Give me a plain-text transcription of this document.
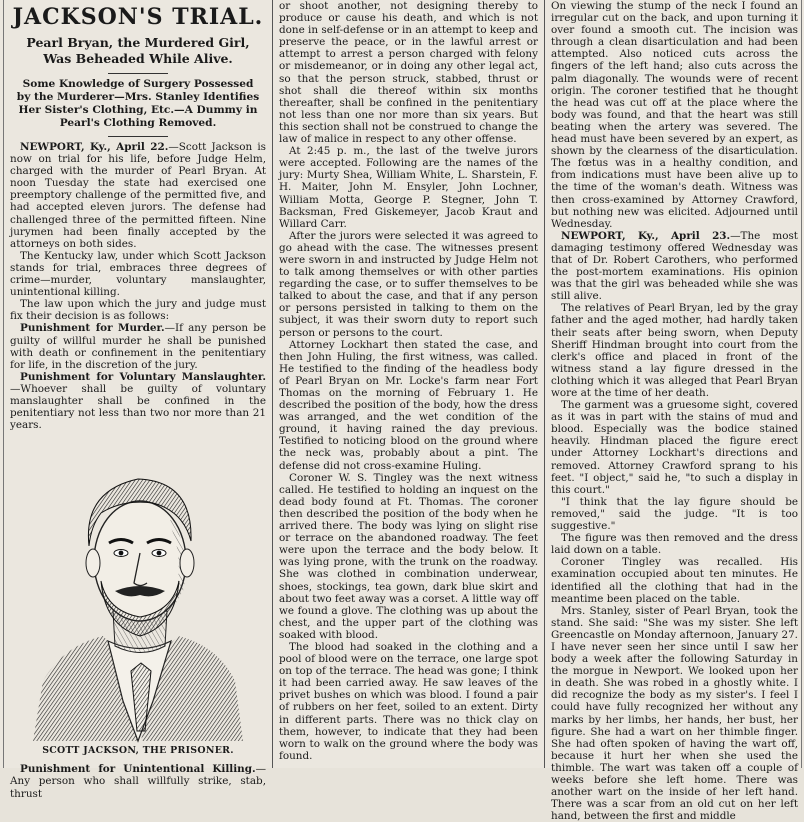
JACKSON'S TRIAL.
Pearl Bryan, the Murdered Girl, Was Beheaded While Alive.
Some Knowledge of Surgery Possessed by the Murderer—Mrs. Stanley Identifies Her Sister's Clothing, Etc.—A Dummy in Pearl's Clothing Removed.

NEWPORT, Ky., April 22.—Scott Jackson is now on trial for his life, before Judge Helm, charged with the murder of Pearl Bryan. At noon Tuesday the state had exercised one preemptory challenge of the permitted five, and had accepted eleven jurors. The defense had challenged three of the permitted fifteen. Nine jurymen had been finally accepted by the attorneys on both sides.

The Kentucky law, under which Scott Jackson stands for trial, embraces three degrees of crime—murder, voluntary manslaughter, unintentional killing.

The law upon which the jury and judge must fix their decision is as follows:

Punishment for Murder.—If any person be guilty of willful murder he shall be punished with death or confinement in the penitentiary for life, in the discretion of the jury.

Punishment for Voluntary Manslaughter.—Whoever shall be guilty of voluntary manslaughter shall be confined in the penitentiary not less than two nor more than 21 years.

SCOTT JACKSON, THE PRISONER.

Punishment for Unintentional Killing.—Any person who shall willfully strike, stab, thrust

or shoot another, not designing thereby to produce or cause his death, and which is not done in self-defense or in an attempt to keep and preserve the peace, or in the lawful arrest or attempt to arrest a person charged with felony or misdemeanor, or in doing any other legal act, so that the person struck, stabbed, thrust or shot shall die thereof within six months thereafter, shall be confined in the penitentiary not less than one nor more than six years. But this section shall not be construed to change the law of malice in respect to any other offense.

At 2:45 p. m., the last of the twelve jurors were accepted. Following are the names of the jury: Murty Shea, William White, L. Sharstein, F. H. Maiter, John M. Ensyler, John Lochner, William Motta, George P. Stegner, John T. Backsman, Fred Giskemeyer, Jacob Kraut and Willard Carr.

After the jurors were selected it was agreed to go ahead with the case. The witnesses present were sworn in and instructed by Judge Helm not to talk among themselves or with other parties regarding the case, or to suffer themselves to be talked to about the case, and that if any person or persons persisted in talking to them on the subject, it was their sworn duty to report such person or persons to the court.

Attorney Lockhart then stated the case, and then John Huling, the first witness, was called. He testified to the finding of the headless body of Pearl Bryan on Mr. Locke's farm near Fort Thomas on the morning of February 1. He described the position of the body, how the dress was arranged, and the wet condition of the ground, it having rained the day previous. Testified to noticing blood on the ground where the neck was, probably about a pint. The defense did not cross-examine Huling.

Coroner W. S. Tingley was the next witness called. He testified to holding an inquest on the dead body found at Ft. Thomas. The coroner then described the position of the body when he arrived there. The body was lying on slight rise or terrace on the abandoned roadway. The feet were upon the terrace and the body below. It was lying prone, with the trunk on the roadway. She was clothed in combination underwear, shoes, stockings, tea gown, dark blue skirt and about two feet away was a corset. A little way off we found a glove. The clothing was up about the chest, and the upper part of the clothing was soaked with blood.

The blood had soaked in the clothing and a pool of blood were on the terrace, one large spot on top of the terrace. The head was gone; I think it had been carried away. He saw leaves of the privet bushes on which was blood. I found a pair of rubbers on her feet, soiled to an extent. Dirty in different parts. There was no thick clay on them, however, to indicate that they had been worn to walk on the ground where the body was found.

On viewing the stump of the neck I found an irregular cut on the back, and upon turning it over found a smooth cut. The incision was through a clean disarticulation and had been attempted. Also noticed cuts across the fingers of the left hand; also cuts across the palm diagonally. The wounds were of recent origin. The coroner testified that he thought the head was cut off at the place where the body was found, and that the heart was still beating when the artery was severed. The head must have been severed by an expert, as shown by the clearness of the disarticulation. The fœtus was in a healthy condition, and from indications must have been alive up to the time of the woman's death. Witness was then cross-examined by Attorney Crawford, but nothing new was elicited. Adjourned until Wednesday.

NEWPORT, Ky., April 23.—The most damaging testimony offered Wednesday was that of Dr. Robert Carothers, who performed the post-mortem examinations. His opinion was that the girl was beheaded while she was still alive.

The relatives of Pearl Bryan, led by the gray father and the aged mother, had hardly taken their seats after being sworn, when Deputy Sheriff Hindman brought into court from the clerk's office and placed in front of the witness stand a lay figure dressed in the clothing which it was alleged that Pearl Bryan wore at the time of her death.

The garment was a gruesome sight, covered as it was in part with the stains of mud and blood. Especially was the bodice stained heavily. Hindman placed the figure erect under Attorney Lockhart's directions and removed. Attorney Crawford sprang to his feet. "I object," said he, "to such a display in this court."

"I think that the lay figure should be removed," said the judge. "It is too suggestive."

The figure was then removed and the dress laid down on a table.

Coroner Tingley was recalled. His examination occupied about ten minutes. He identified all the clothing that had in the meantime been placed on the table.

Mrs. Stanley, sister of Pearl Bryan, took the stand. She said: "She was my sister. She left Greencastle on Monday afternoon, January 27. I have never seen her since until I saw her body a week after the following Saturday in the morgue in Newport. We looked upon her in death. She was robed in a ghostly white. I did recognize the body as my sister's. I feel I could have fully recognized her without any marks by her limbs, her hands, her bust, her figure. She had a wart on her thimble finger. She had often spoken of having the wart off, because it hurt her when she used the thimble. The wart was taken off a couple of weeks before she left home. There was another wart on the inside of her left hand. There was a scar from an old cut on her left hand, between the first and middle
